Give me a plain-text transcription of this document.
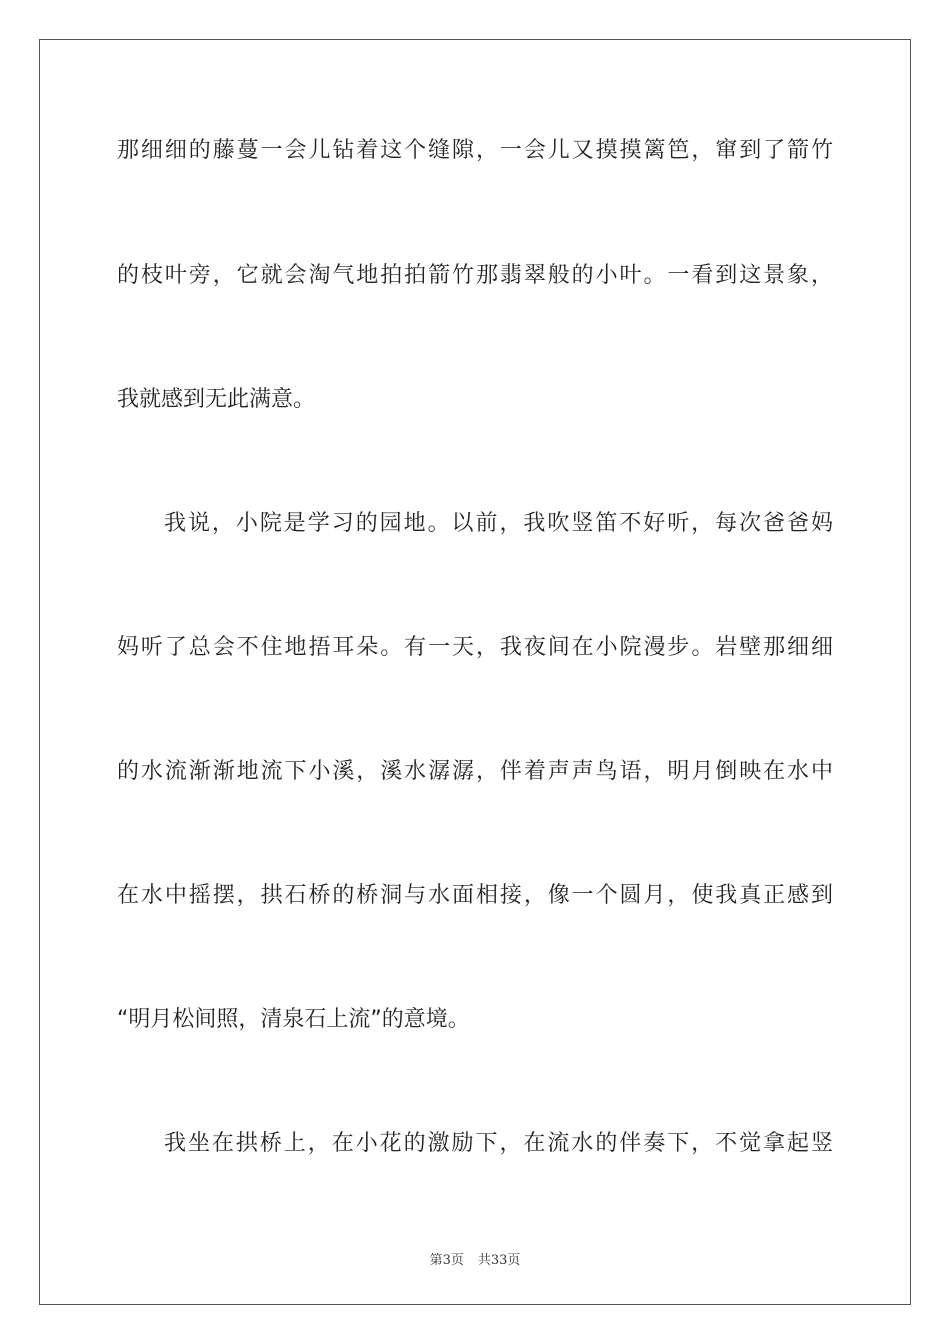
那细细的藤蔓一会儿钻着这个缝隙，一会儿又摸摸篱笆，窜到了箭竹
的枝叶旁，它就会淘气地拍拍箭竹那翡翠般的小叶。一看到这景象，
我就感到无此满意。
我说，小院是学习的园地。以前，我吹竖笛不好听，每次爸爸妈
妈听了总会不住地捂耳朵。有一天，我夜间在小院漫步。岩壁那细细
的水流渐渐地流下小溪，溪水潺潺，伴着声声鸟语，明月倒映在水中
在水中摇摆，拱石桥的桥洞与水面相接，像一个圆月，使我真正感到
“明月松间照，清泉石上流”的意境。
我坐在拱桥上，在小花的激励下，在流水的伴奏下，不觉拿起竖
第3页 共33页
